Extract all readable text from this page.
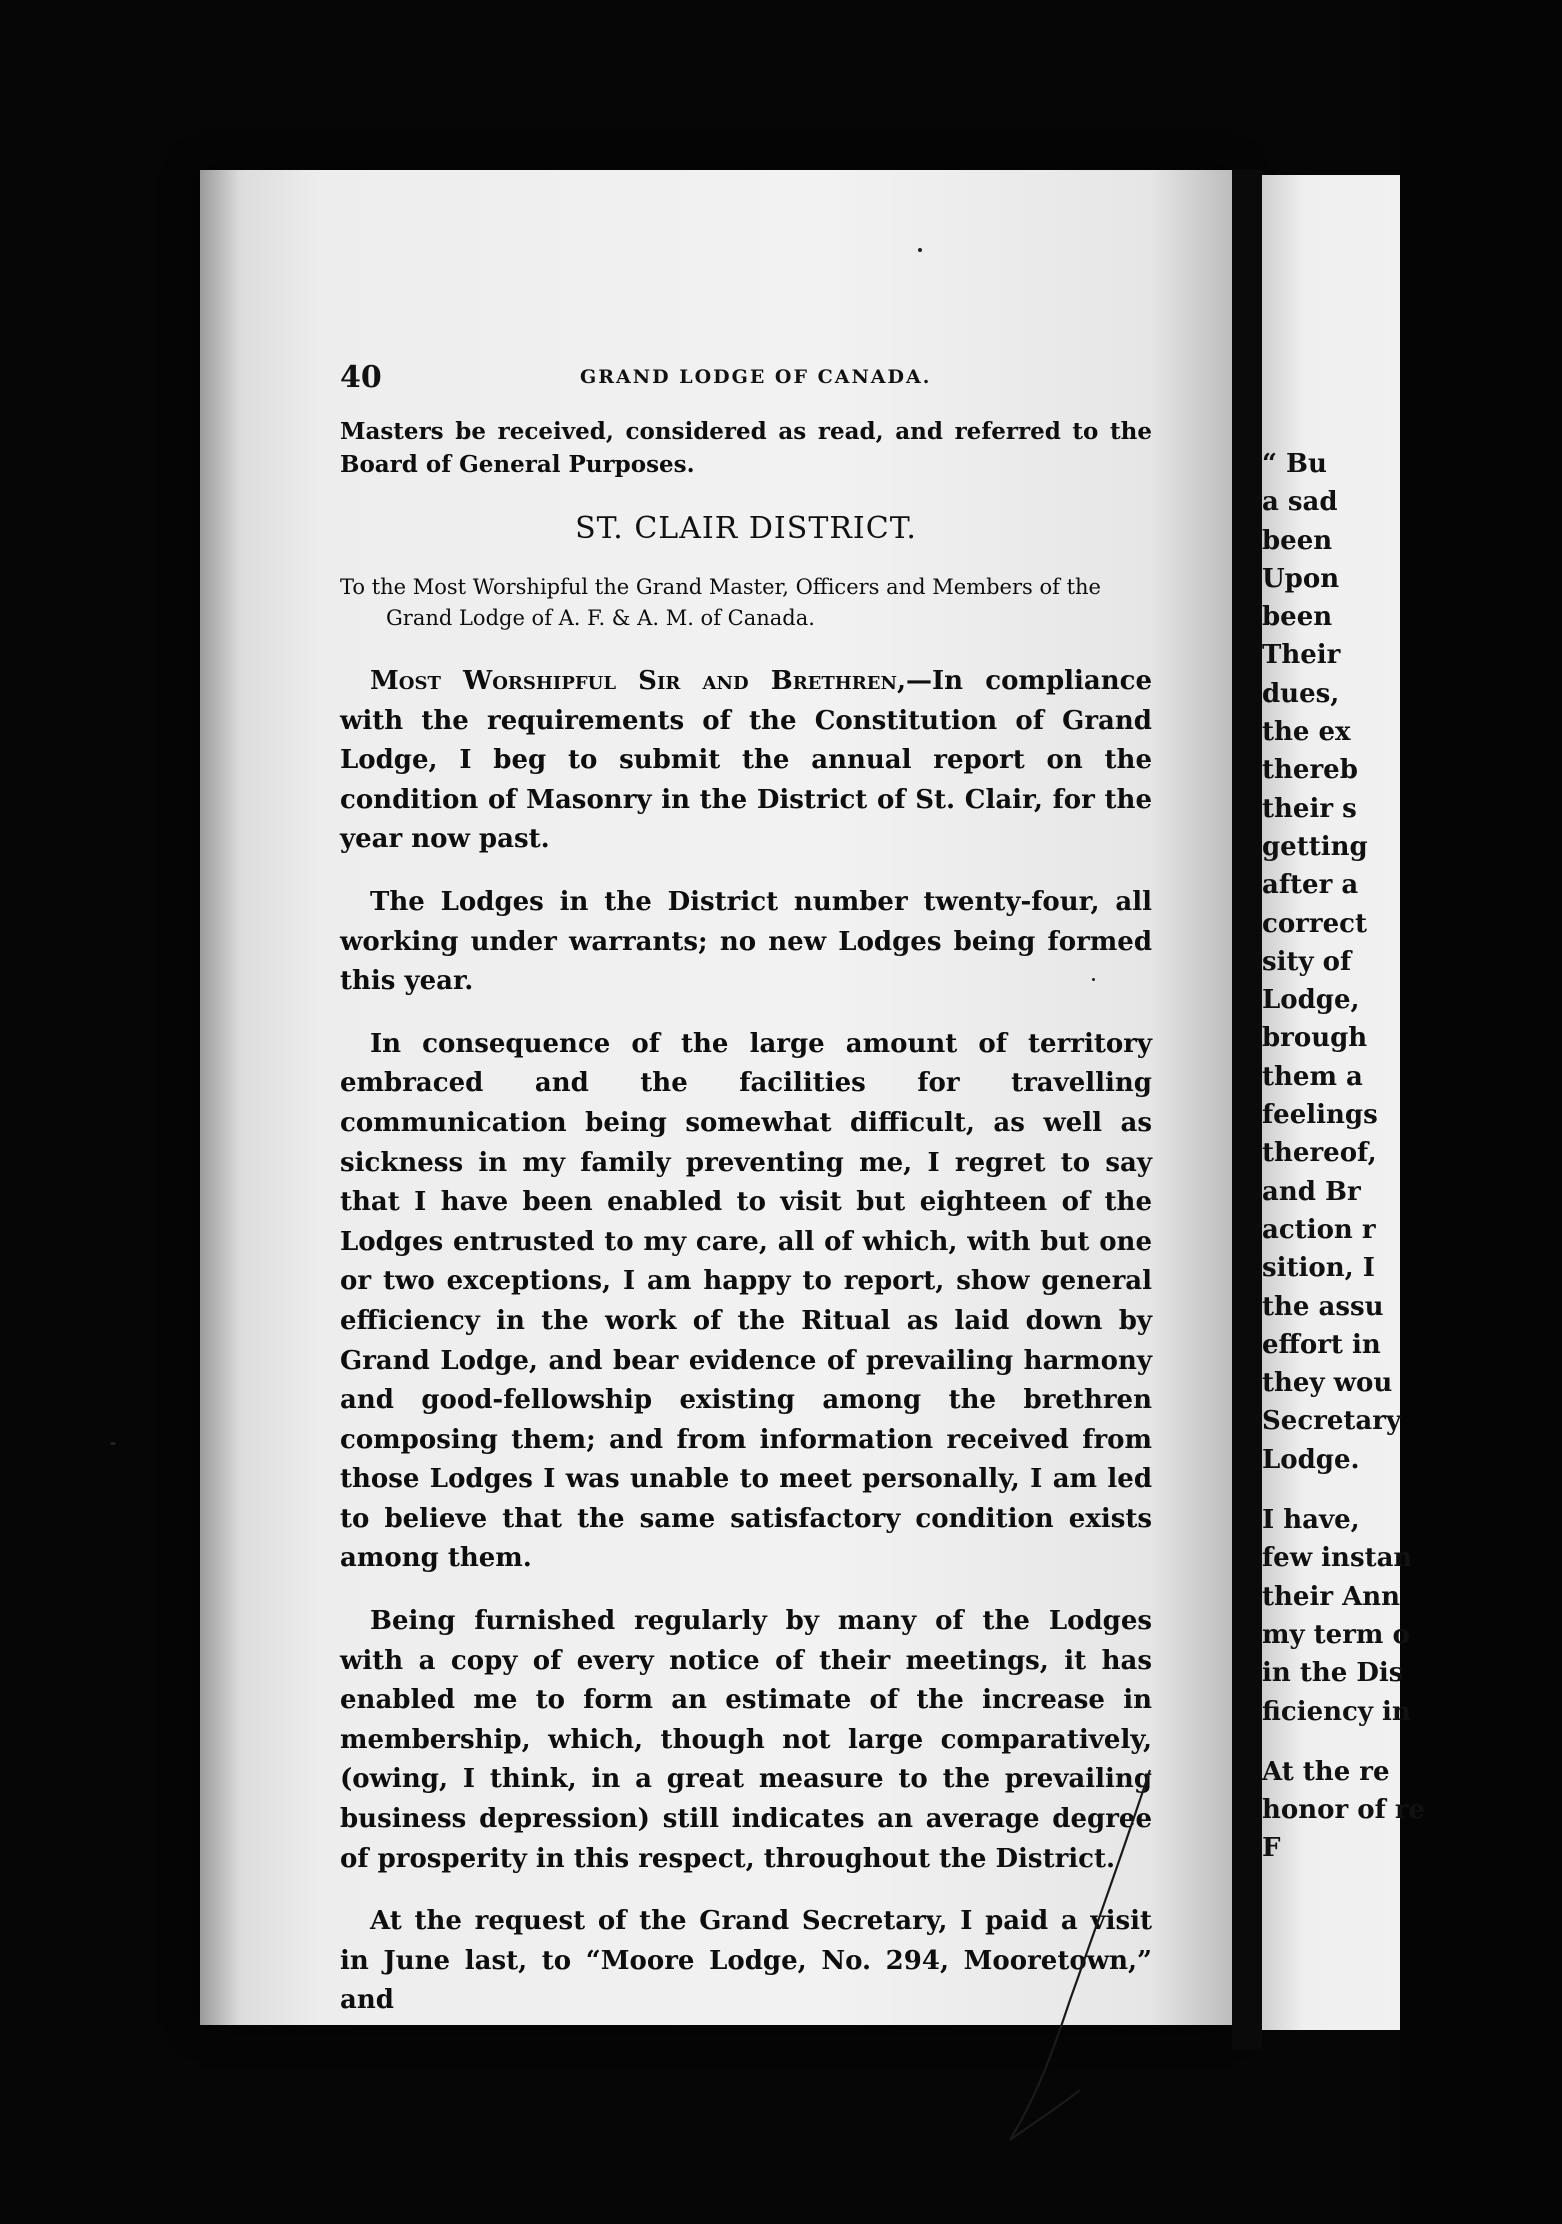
“ Bu
a sad
been
Upon
been
Their
dues,
the ex
thereb
their s
getting
after a
correct
sity of
Lodge,
brough
them a
feelings
thereof,
and Br
action r
sition, I
the assu
effort in
they wou
Secretary
Lodge.
I have,
few instan
their Ann
my term o
in the Dis
ficiency in
At the re
honor of re
F
40	GRAND LODGE OF CANADA.

Masters be received, considered as read, and referred to the Board of General Purposes.

ST. CLAIR DISTRICT.

To the Most Worshipful the Grand Master, Officers and Members of the Grand Lodge of A. F. & A. M. of Canada.

Most Worshipful Sir and Brethren,—In compliance with the requirements of the Constitution of Grand Lodge, I beg to submit the annual report on the condition of Masonry in the District of St. Clair, for the year now past.

The Lodges in the District number twenty-four, all working under warrants; no new Lodges being formed this year.

In consequence of the large amount of territory embraced and the facilities for travelling communication being somewhat difficult, as well as sickness in my family preventing me, I regret to say that I have been enabled to visit but eighteen of the Lodges entrusted to my care, all of which, with but one or two exceptions, I am happy to report, show general efficiency in the work of the Ritual as laid down by Grand Lodge, and bear evidence of prevailing harmony and good-fellowship existing among the brethren composing them; and from information received from those Lodges I was unable to meet personally, I am led to believe that the same satisfactory condition exists among them.

Being furnished regularly by many of the Lodges with a copy of every notice of their meetings, it has enabled me to form an estimate of the increase in membership, which, though not large comparatively, (owing, I think, in a great measure to the prevailing business depression) still indicates an average degree of prosperity in this respect, throughout the District.

At the request of the Grand Secretary, I paid a visit in June last, to “Moore Lodge, No. 294, Mooretown,” and
